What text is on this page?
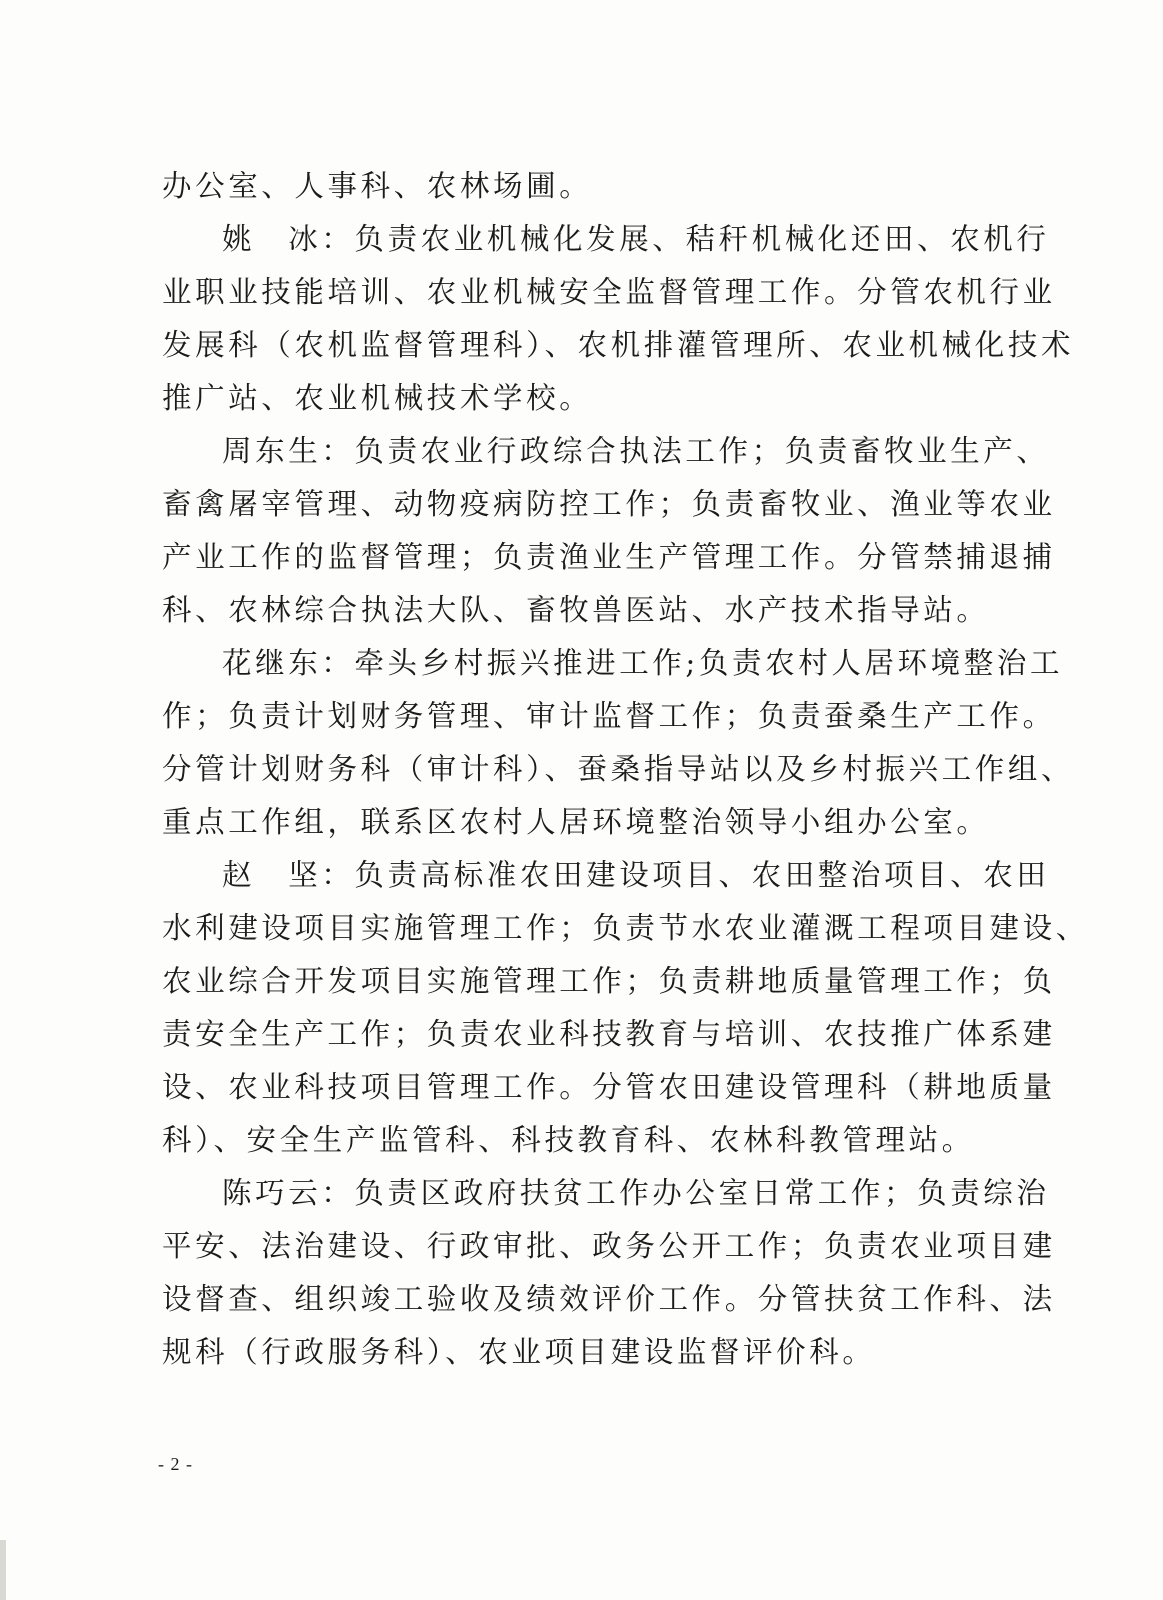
办公室、人事科、农林场圃。
姚　冰：负责农业机械化发展、秸秆机械化还田、农机行
业职业技能培训、农业机械安全监督管理工作。分管农机行业
发展科（农机监督管理科）、农机排灌管理所、农业机械化技术
推广站、农业机械技术学校。
周东生：负责农业行政综合执法工作；负责畜牧业生产、
畜禽屠宰管理、动物疫病防控工作；负责畜牧业、渔业等农业
产业工作的监督管理；负责渔业生产管理工作。分管禁捕退捕
科、农林综合执法大队、畜牧兽医站、水产技术指导站。
花继东：牵头乡村振兴推进工作;负责农村人居环境整治工
作；负责计划财务管理、审计监督工作；负责蚕桑生产工作。
分管计划财务科（审计科）、蚕桑指导站以及乡村振兴工作组、
重点工作组，联系区农村人居环境整治领导小组办公室。
赵　坚：负责高标准农田建设项目、农田整治项目、农田
水利建设项目实施管理工作；负责节水农业灌溉工程项目建设、
农业综合开发项目实施管理工作；负责耕地质量管理工作；负
责安全生产工作；负责农业科技教育与培训、农技推广体系建
设、农业科技项目管理工作。分管农田建设管理科（耕地质量
科）、安全生产监管科、科技教育科、农林科教管理站。
陈巧云：负责区政府扶贫工作办公室日常工作；负责综治
平安、法治建设、行政审批、政务公开工作；负责农业项目建
设督查、组织竣工验收及绩效评价工作。分管扶贫工作科、法
规科（行政服务科）、农业项目建设监督评价科。
- 2 -
